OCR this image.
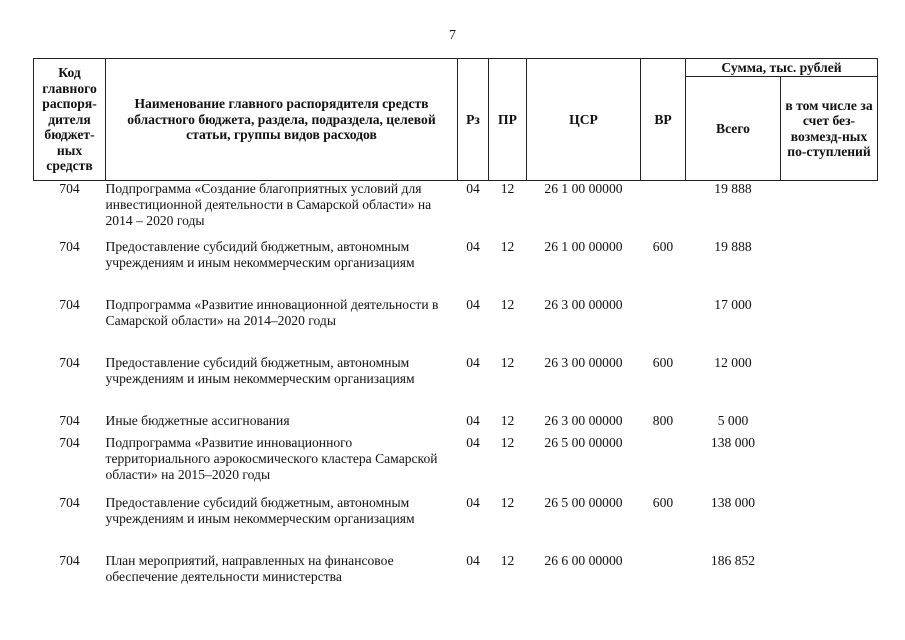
7
Код главного распоря-дителя бюджет-ных средств	Наименование главного распорядителя средств областного бюджета, раздела, подраздела, целевой статьи, группы видов расходов	Рз	ПР	ЦСР	ВР	Сумма, тыс. рублей	
						Всего	в том числе за счет без-возмезд-ных по-ступлений
704	Подпрограмма «Создание благоприятных условий для инвестиционной деятельности в Самарской области» на 2014 – 2020 годы	04	12	26 1 00 00000		19 888	
704	Предоставление субсидий бюджетным, автономным учреждениям и иным некоммерческим организациям	04	12	26 1 00 00000	600	19 888	
704	Подпрограмма «Развитие инновационной деятельности в Самарской области» на 2014–2020 годы	04	12	26 3 00 00000		17 000	
704	Предоставление субсидий бюджетным, автономным учреждениям и иным некоммерческим организациям	04	12	26 3 00 00000	600	12 000	
704	Иные бюджетные ассигнования	04	12	26 3 00 00000	800	5 000	
704	Подпрограмма «Развитие инновационного территориального аэрокосмического кластера Самарской области» на 2015–2020 годы	04	12	26 5 00 00000		138 000	
704	Предоставление субсидий бюджетным, автономным учреждениям и иным некоммерческим организациям	04	12	26 5 00 00000	600	138 000	
704	План мероприятий, направленных на финансовое обеспечение деятельности министерства	04	12	26 6 00 00000		186 852	
